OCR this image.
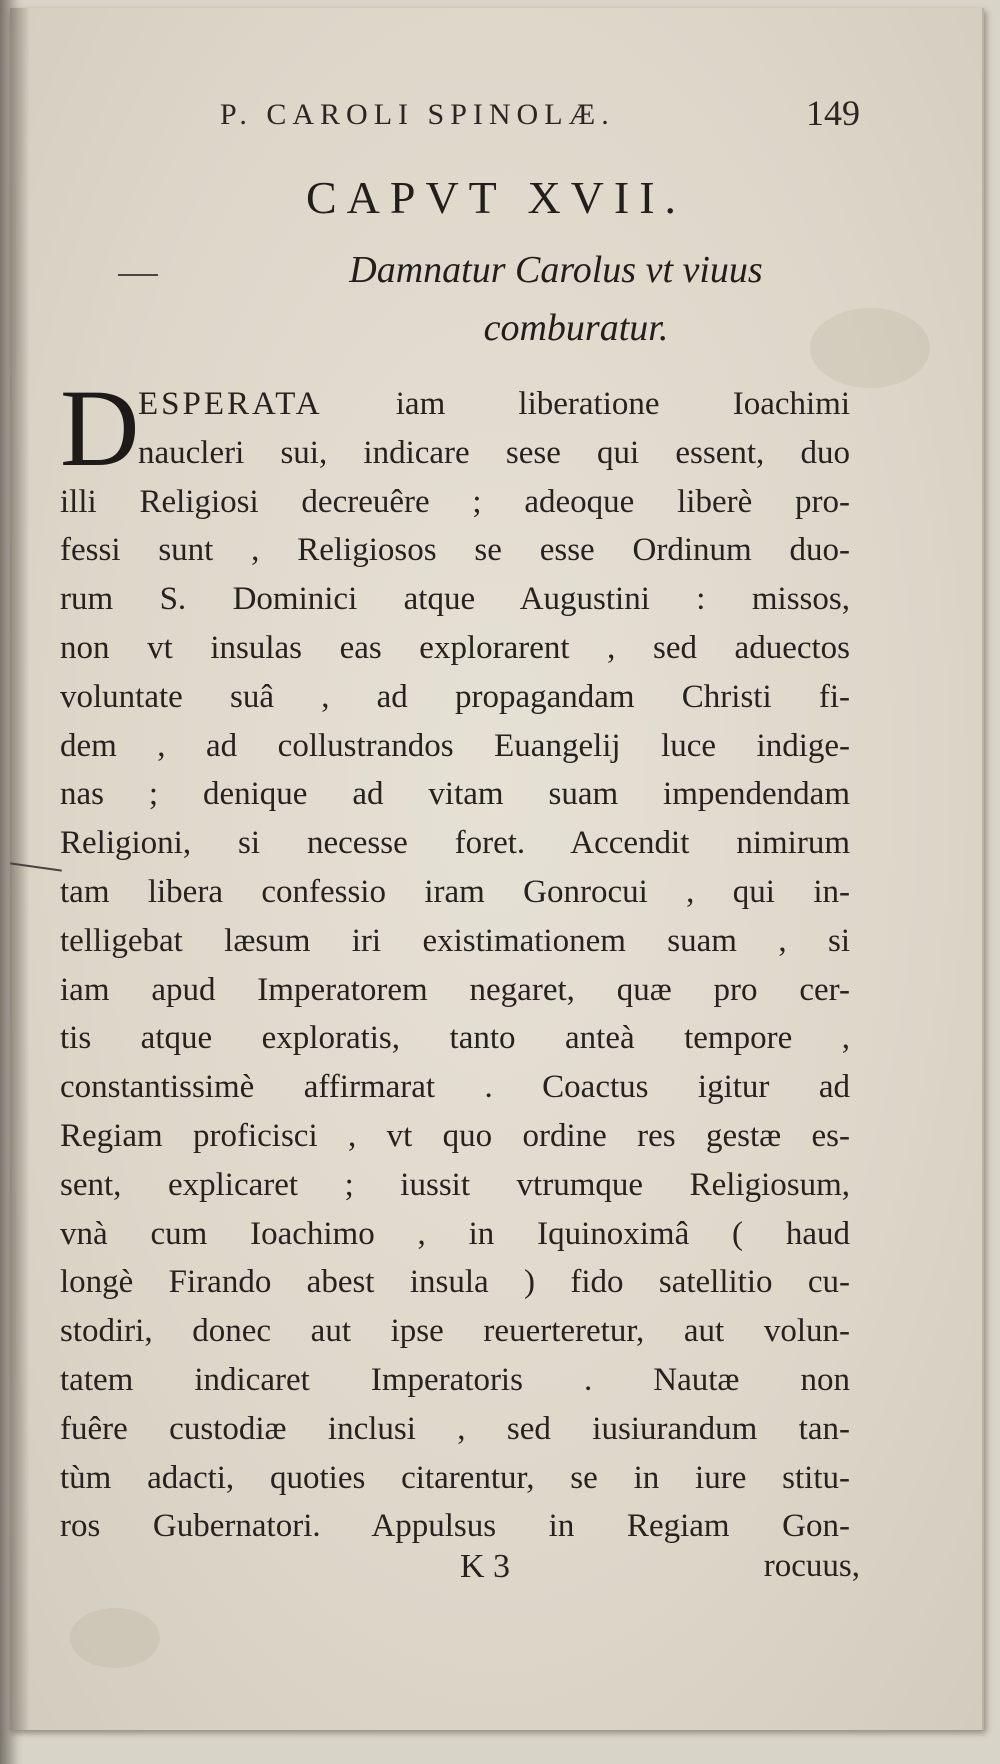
P. CAROLI SPINOLÆ.	149
CAPVT XVII.
Damnatur Carolus vt viuus
comburatur.
D
ESPERATA iam liberatione Ioachimi
naucleri sui, indicare sese qui essent, duo
illi Religiosi decreuêre ; adeoque liberè pro-
fessi sunt , Religiosos se esse Ordinum duo-
rum S. Dominici atque Augustini : missos,
non vt insulas eas explorarent , sed aduectos
voluntate suâ , ad propagandam Christi fi-
dem , ad collustrandos Euangelij luce indige-
nas ; denique ad vitam suam impendendam
Religioni, si necesse foret. Accendit nimirum
tam libera confessio iram Gonrocui , qui in-
telligebat læsum iri existimationem suam , si
iam apud Imperatorem negaret, quæ pro cer-
tis atque exploratis, tanto anteà tempore ,
constantissimè affirmarat . Coactus igitur ad
Regiam proficisci , vt quo ordine res gestæ es-
sent, explicaret ; iussit vtrumque Religiosum,
vnà cum Ioachimo , in Iquinoximâ ( haud
longè Firando abest insula ) fido satellitio cu-
stodiri, donec aut ipse reuerteretur, aut volun-
tatem indicaret Imperatoris . Nautæ non
fuêre custodiæ inclusi , sed iusiurandum tan-
tùm adacti, quoties citarentur, se in iure stitu-
ros Gubernatori. Appulsus in Regiam Gon-
K 3	rocuus,
